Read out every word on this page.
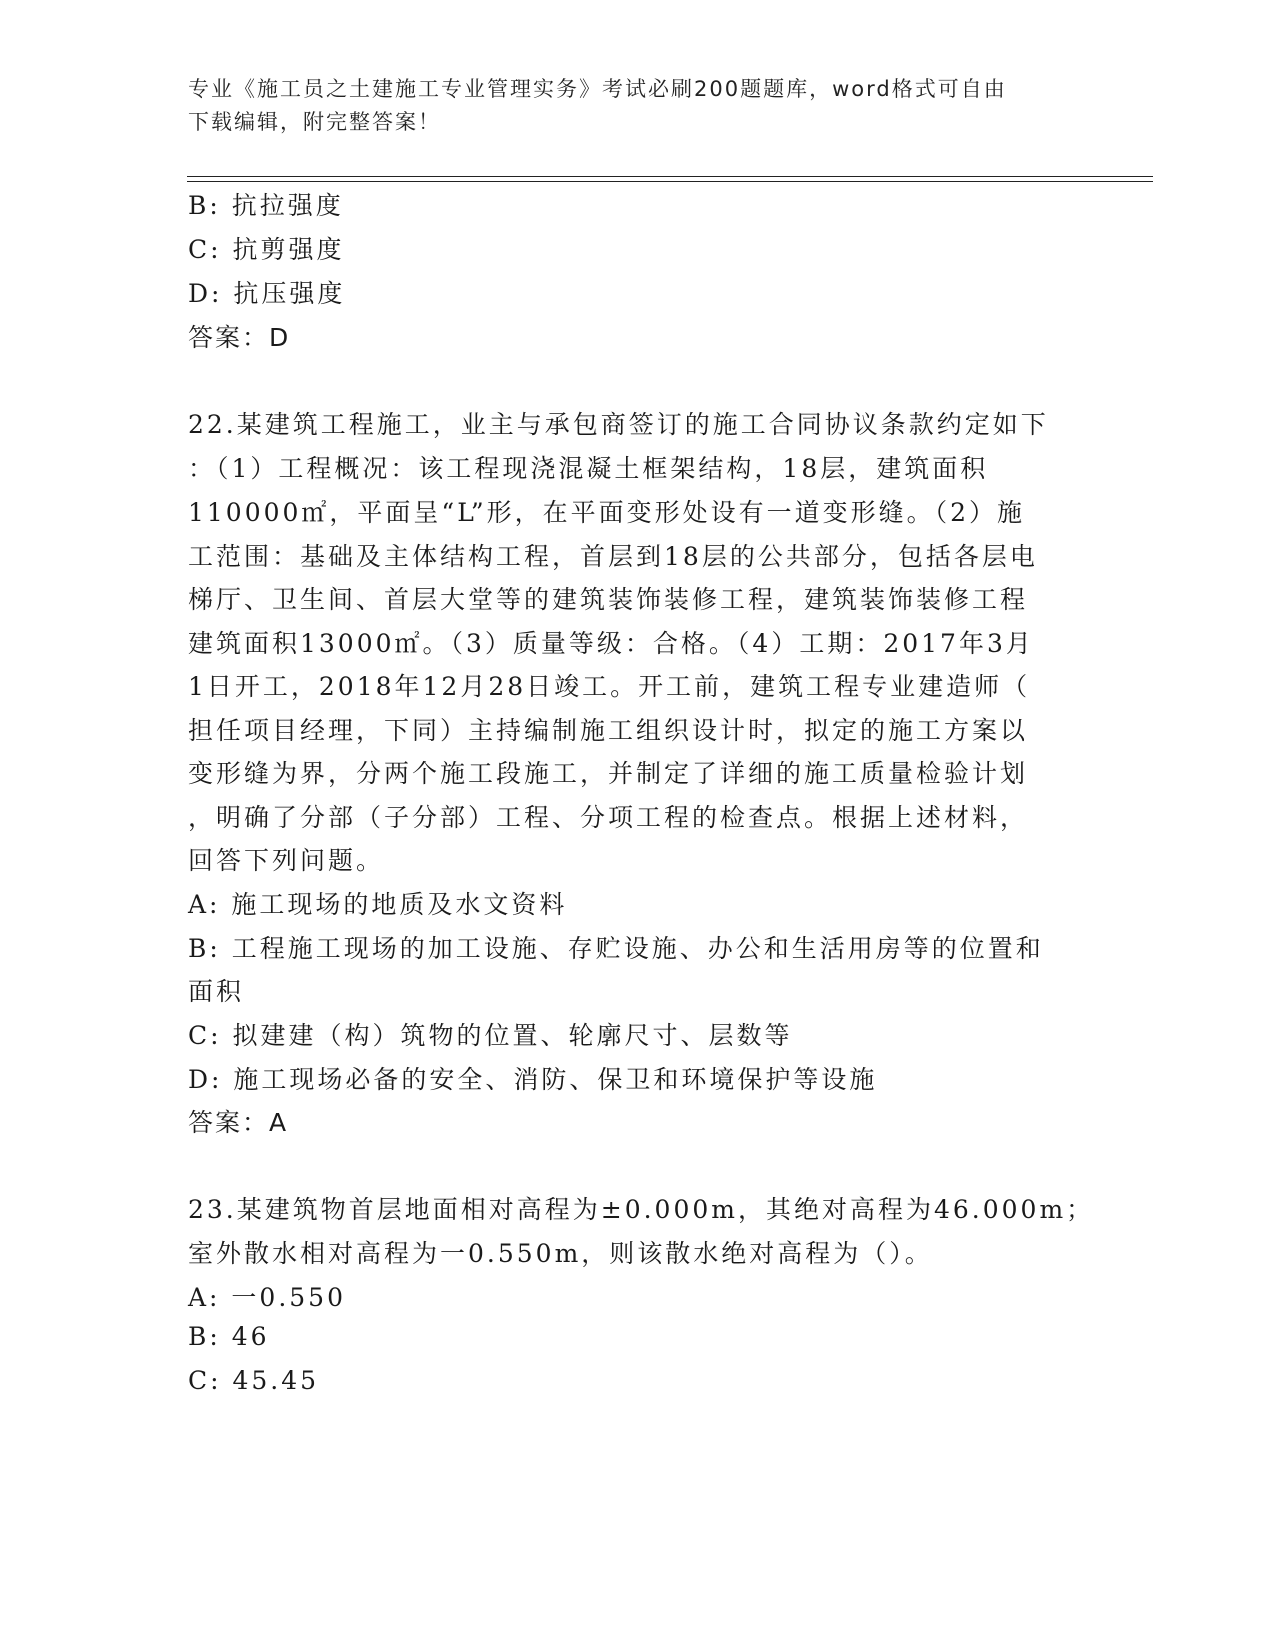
专业《施工员之土建施工专业管理实务》考试必刷200题题库，word格式可自由
下载编辑，附完整答案！
B: 抗拉强度
C: 抗剪强度
D: 抗压强度
答案：D
22.某建筑工程施工，业主与承包商签订的施工合同协议条款约定如下
：（1）工程概况：该工程现浇混凝土框架结构，18层，建筑面积
110000㎡，平面呈“L”形，在平面变形处设有一道变形缝。（2）施
工范围：基础及主体结构工程，首层到18层的公共部分，包括各层电
梯厅、卫生间、首层大堂等的建筑装饰装修工程，建筑装饰装修工程
建筑面积13000㎡。（3）质量等级：合格。（4）工期：2017年3月
1日开工，2018年12月28日竣工。开工前，建筑工程专业建造师（
担任项目经理，下同）主持编制施工组织设计时，拟定的施工方案以
变形缝为界，分两个施工段施工，并制定了详细的施工质量检验计划
，明确了分部（子分部）工程、分项工程的检查点。根据上述材料，
回答下列问题。
A: 施工现场的地质及水文资料
B: 工程施工现场的加工设施、存贮设施、办公和生活用房等的位置和
面积
C: 拟建建（构）筑物的位置、轮廓尺寸、层数等
D: 施工现场必备的安全、消防、保卫和环境保护等设施
答案：A
23.某建筑物首层地面相对高程为±0.000m，其绝对高程为46.000m；
室外散水相对高程为一0.550m，则该散水绝对高程为（）。
A: 一0.550
B: 46
C: 45.45
